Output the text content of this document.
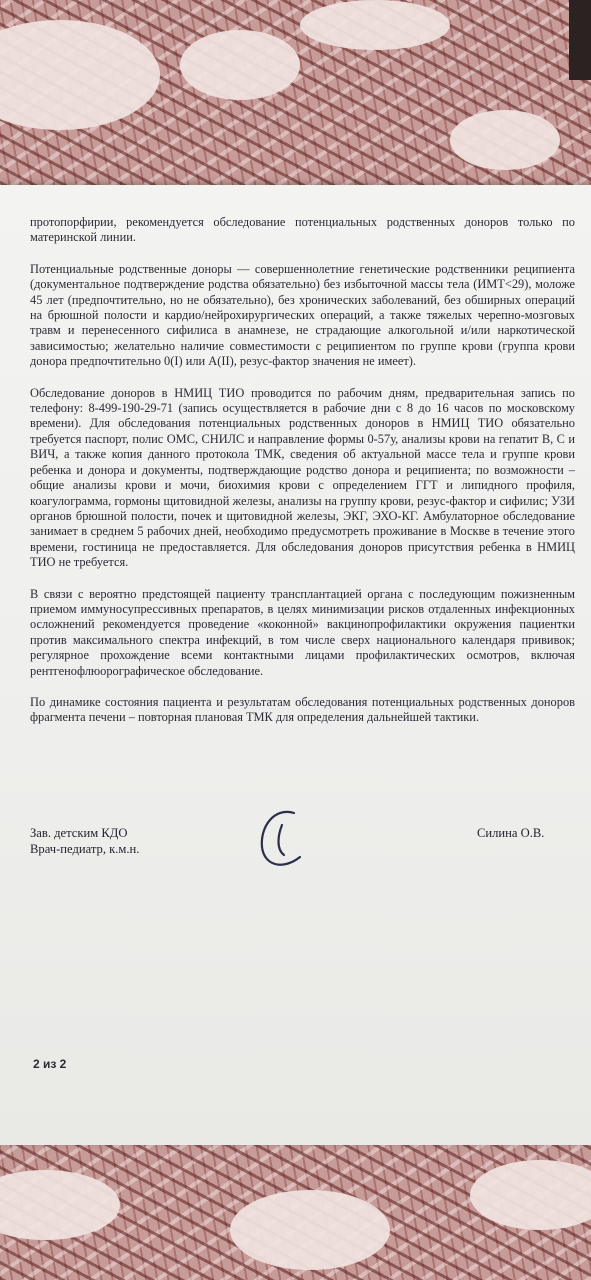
протопорфирии, рекомендуется обследование потенциальных родственных доноров только по материнской линии.

Потенциальные родственные доноры — совершеннолетние генетические родственники реципиента (документальное подтверждение родства обязательно) без избыточной массы тела (ИМТ<29), моложе 45 лет (предпочтительно, но не обязательно), без хронических заболеваний, без обширных операций на брюшной полости и кардио/нейрохирургических операций, а также тяжелых черепно-мозговых травм и перенесенного сифилиса в анамнезе, не страдающие алкогольной и/или наркотической зависимостью; желательно наличие совместимости с реципиентом по группе крови (группа крови донора предпочтительно 0(I) или А(II), резус-фактор значения не имеет).

Обследование доноров в НМИЦ ТИО проводится по рабочим дням, предварительная запись по телефону: 8-499-190-29-71 (запись осуществляется в рабочие дни с 8 до 16 часов по московскому времени). Для обследования потенциальных родственных доноров в НМИЦ ТИО обязательно требуется паспорт, полис ОМС, СНИЛС и направление формы 0-57у, анализы крови на гепатит В, С и ВИЧ, а также копия данного протокола ТМК, сведения об актуальной массе тела и группе крови ребенка и донора и документы, подтверждающие родство донора и реципиента; по возможности – общие анализы крови и мочи, биохимия крови с определением ГГТ и липидного профиля, коагулограмма, гормоны щитовидной железы, анализы на группу крови, резус-фактор и сифилис; УЗИ органов брюшной полости, почек и щитовидной железы, ЭКГ, ЭХО-КГ. Амбулаторное обследование занимает в среднем 5 рабочих дней, необходимо предусмотреть проживание в Москве в течение этого времени, гостиница не предоставляется. Для обследования доноров присутствия ребенка в НМИЦ ТИО не требуется.

В связи с вероятно предстоящей пациенту трансплантацией органа с последующим пожизненным приемом иммуносупрессивных препаратов, в целях минимизации рисков отдаленных инфекционных осложнений рекомендуется проведение «коконной» вакцинопрофилактики окружения пациентки против максимального спектра инфекций, в том числе сверх национального календаря прививок; регулярное прохождение всеми контактными лицами профилактических осмотров, включая рентгенофлюорографическое обследование.

По динамике состояния пациента и результатам обследования потенциальных родственных доноров фрагмента печени – повторная плановая ТМК для определения дальнейшей тактики.

Зав. детским КДО
Врач-педиатр, к.м.н.
Силина О.В.
2 из 2
